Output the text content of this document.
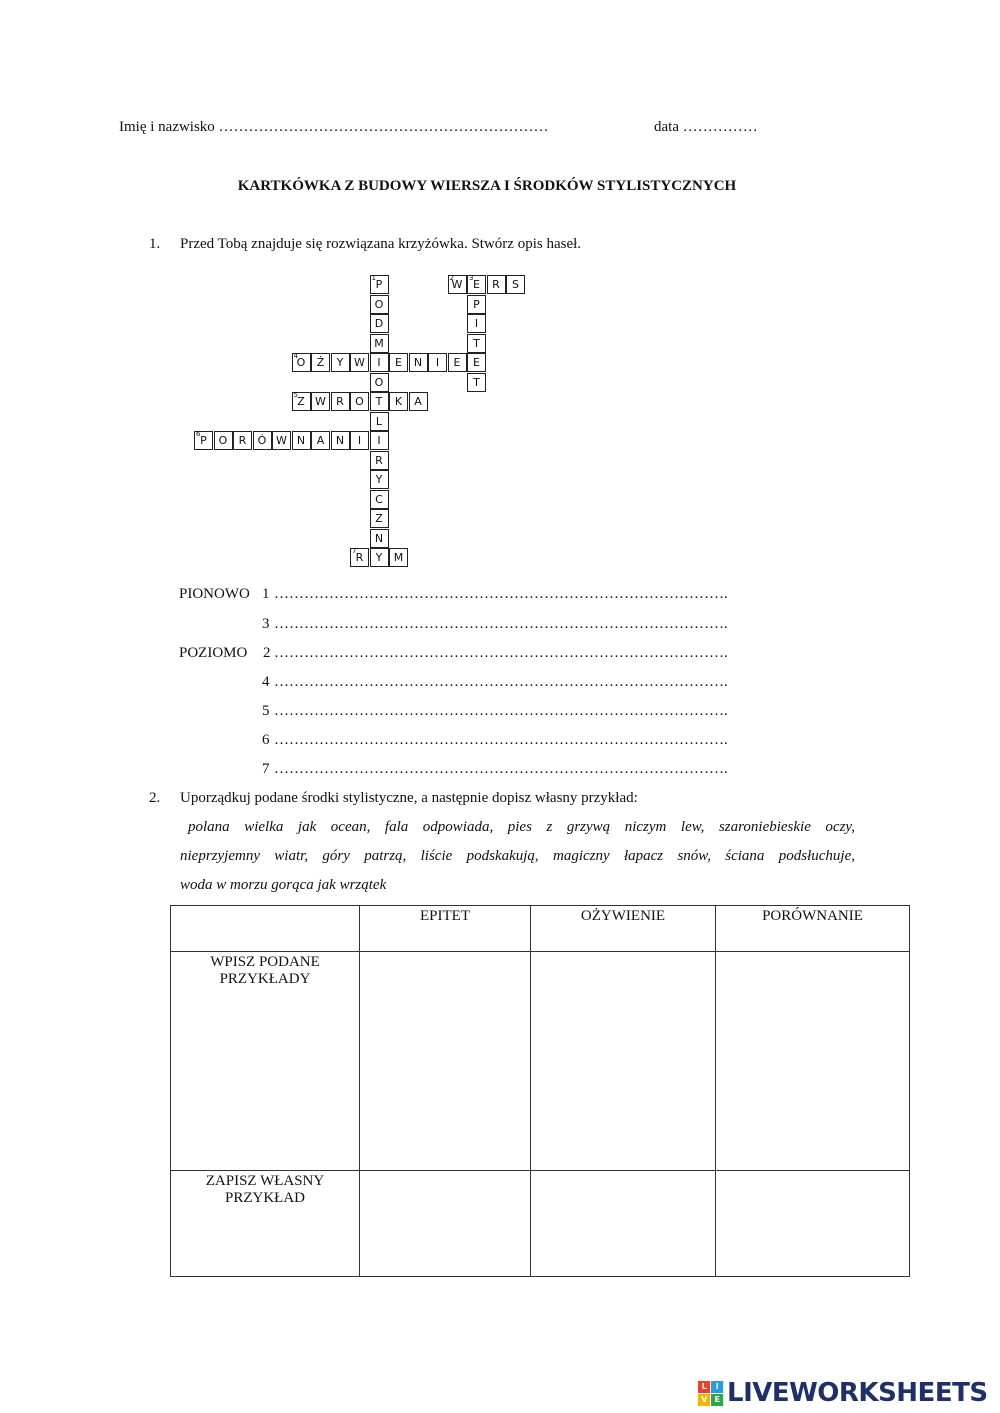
Imię i nazwisko …………………………………………………………	data ……………
KARTKÓWKA Z BUDOWY WIERSZA I ŚRODKÓW STYLISTYCZNYCH
1. Przed Tobą znajduje się rozwiązana krzyżówka. Stwórz opis haseł.
P
1
O
D
M
I
O
T
L
I
R
Y
C
Z
N
Y
W
2	E
3	R	S
P
I
T
E
T
O
4	Ż	Y W	E	N	I	E
Z
5	W R	O	K	A
P
6	O	R	Ó W N	A	N	I
R
7	M
PIONOWO 1 ……………………………………………………………………………….
3 ……………………………………………………………………………….
POZIOMO 2 ……………………………………………………………………………….
4 ……………………………………………………………………………….
5 ……………………………………………………………………………….
6 ……………………………………………………………………………….
7 ……………………………………………………………………………….
2. Uporządkuj podane środki stylistyczne, a następnie dopisz własny przykład:

polana wielka jak ocean, fala odpowiada, pies z grzywą niczym lew, szaroniebieskie oczy,

nieprzyjemny wiatr, góry patrzą, liście podskakują, magiczny łapacz snów, ściana podsłuchuje,

woda w morzu gorąca jak wrzątek

	EPITET	OŻYWIENIE	PORÓWNANIE
WPISZ PODANE PRZYKŁADY			
ZAPISZ WŁASNY PRZYKŁAD			
L	I
V E LIVEWORKSHEETS
